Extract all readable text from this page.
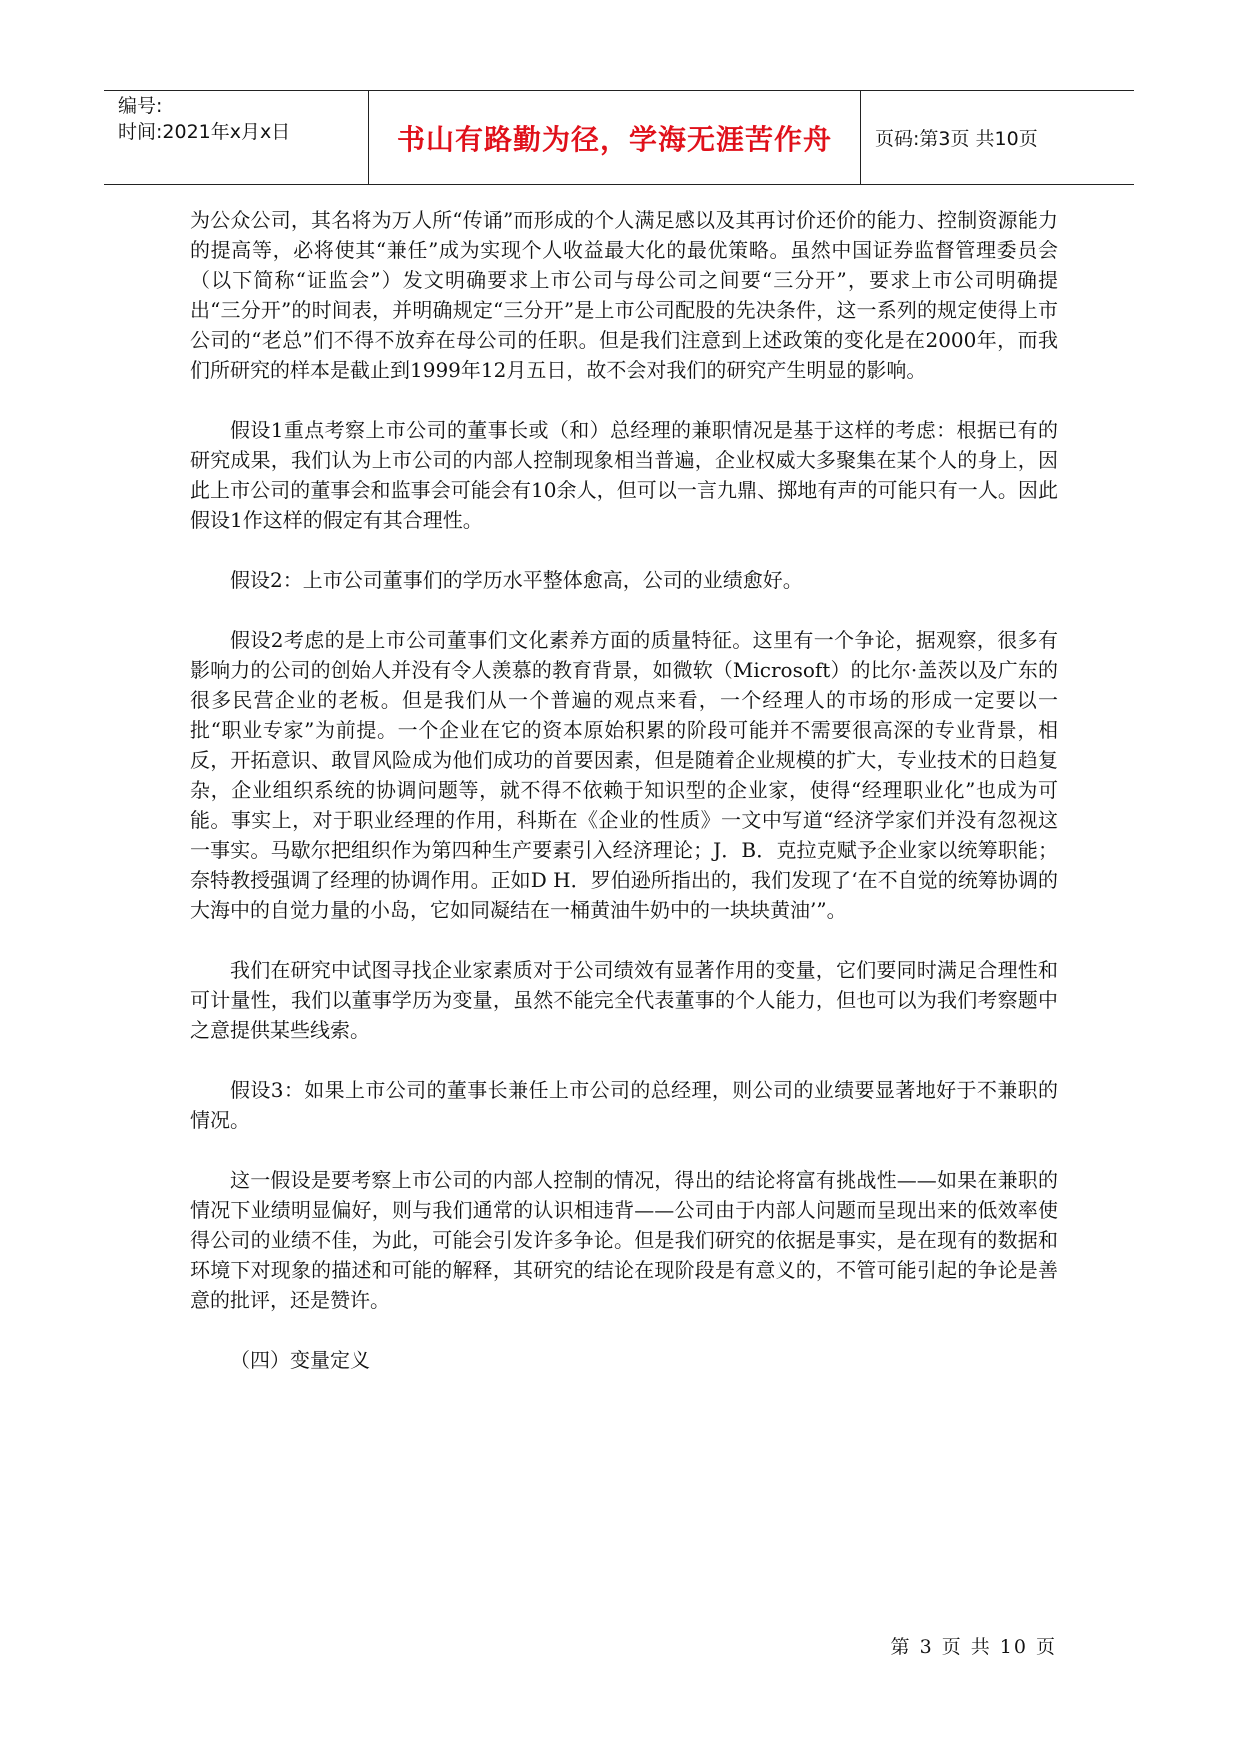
编号:
时间:2021年x月x日	书山有路勤为径，学海无涯苦作舟	页码:第3页 共10页

为公众公司，其名将为万人所“传诵”而形成的个人满足感以及其再讨价还价的能力、控制资源能力的提高等，必将使其“兼任”成为实现个人收益最大化的最优策略。虽然中国证券监督管理委员会（以下简称“证监会”）发文明确要求上市公司与母公司之间要“三分开”，要求上市公司明确提出“三分开”的时间表，并明确规定“三分开”是上市公司配股的先决条件，这一系列的规定使得上市公司的“老总”们不得不放弃在母公司的任职。但是我们注意到上述政策的变化是在2000年，而我们所研究的样本是截止到1999年12月五日，故不会对我们的研究产生明显的影响。

假设1重点考察上市公司的董事长或（和）总经理的兼职情况是基于这样的考虑：根据已有的研究成果，我们认为上市公司的内部人控制现象相当普遍，企业权威大多聚集在某个人的身上，因此上市公司的董事会和监事会可能会有10余人，但可以一言九鼎、掷地有声的可能只有一人。因此假设1作这样的假定有其合理性。

假设2：上市公司董事们的学历水平整体愈高，公司的业绩愈好。

假设2考虑的是上市公司董事们文化素养方面的质量特征。这里有一个争论，据观察，很多有影响力的公司的创始人并没有令人羡慕的教育背景，如微软（Microsoft）的比尔·盖茨以及广东的很多民营企业的老板。但是我们从一个普遍的观点来看，一个经理人的市场的形成一定要以一批“职业专家”为前提。一个企业在它的资本原始积累的阶段可能并不需要很高深的专业背景，相反，开拓意识、敢冒风险成为他们成功的首要因素，但是随着企业规模的扩大，专业技术的日趋复杂，企业组织系统的协调问题等，就不得不依赖于知识型的企业家，使得“经理职业化”也成为可能。事实上，对于职业经理的作用，科斯在《企业的性质》一文中写道“经济学家们并没有忽视这一事实。马歇尔把组织作为第四种生产要素引入经济理论；J．B．克拉克赋予企业家以统筹职能；奈特教授强调了经理的协调作用。正如D H．罗伯逊所指出的，我们发现了‘在不自觉的统筹协调的大海中的自觉力量的小岛，它如同凝结在一桶黄油牛奶中的一块块黄油’”。

我们在研究中试图寻找企业家素质对于公司绩效有显著作用的变量，它们要同时满足合理性和可计量性，我们以董事学历为变量，虽然不能完全代表董事的个人能力，但也可以为我们考察题中之意提供某些线索。

假设3：如果上市公司的董事长兼任上市公司的总经理，则公司的业绩要显著地好于不兼职的情况。

这一假设是要考察上市公司的内部人控制的情况，得出的结论将富有挑战性——如果在兼职的情况下业绩明显偏好，则与我们通常的认识相违背——公司由于内部人问题而呈现出来的低效率使得公司的业绩不佳，为此，可能会引发许多争论。但是我们研究的依据是事实，是在现有的数据和环境下对现象的描述和可能的解释，其研究的结论在现阶段是有意义的，不管可能引起的争论是善意的批评，还是赞许。

（四）变量定义

第 3 页 共 10 页
